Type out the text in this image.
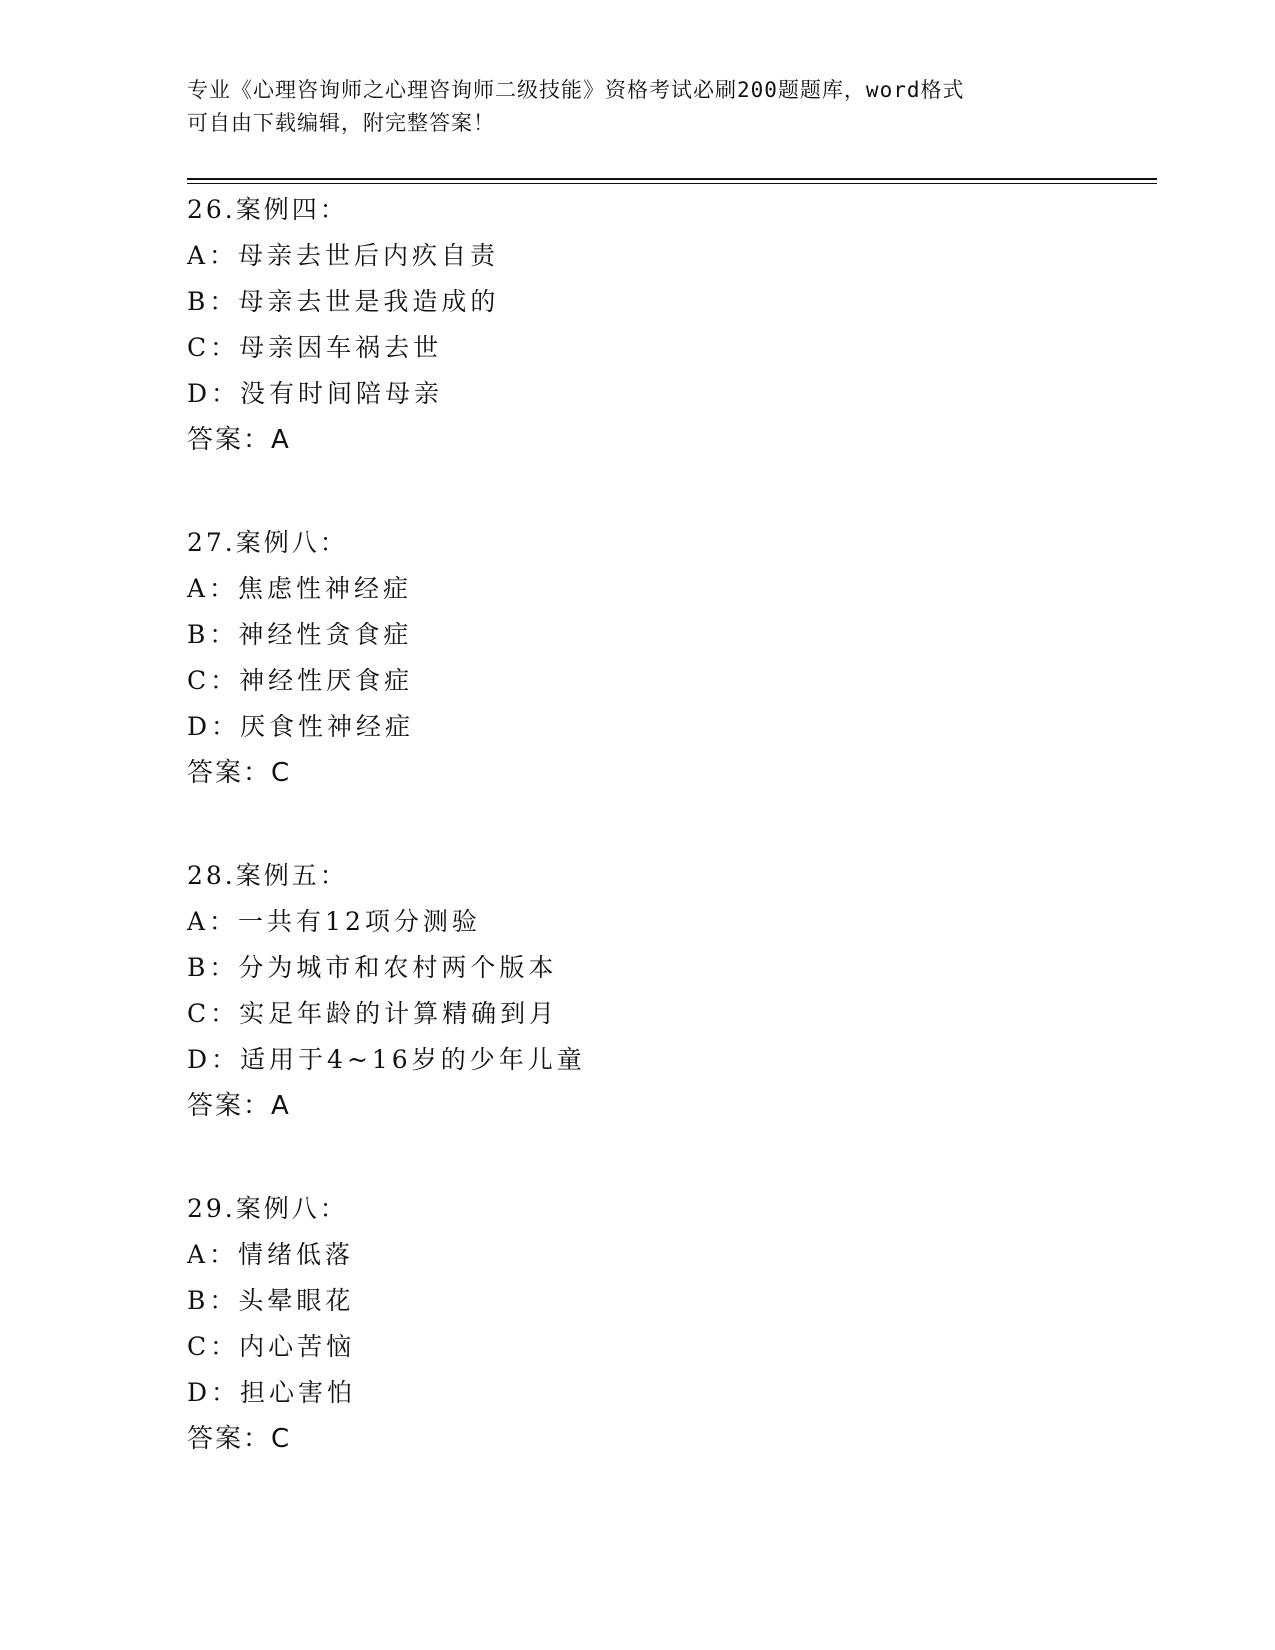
专业《心理咨询师之心理咨询师二级技能》资格考试必刷200题题库，word格式
可自由下载编辑，附完整答案！
26.案例四：
A：母亲去世后内疚自责
B：母亲去世是我造成的
C：母亲因车祸去世
D：没有时间陪母亲
答案：A
27.案例八：
A：焦虑性神经症
B：神经性贪食症
C：神经性厌食症
D：厌食性神经症
答案：C
28.案例五：
A：一共有12项分测验
B：分为城市和农村两个版本
C：实足年龄的计算精确到月
D：适用于4~16岁的少年儿童
答案：A
29.案例八：
A：情绪低落
B：头晕眼花
C：内心苦恼
D：担心害怕
答案：C
